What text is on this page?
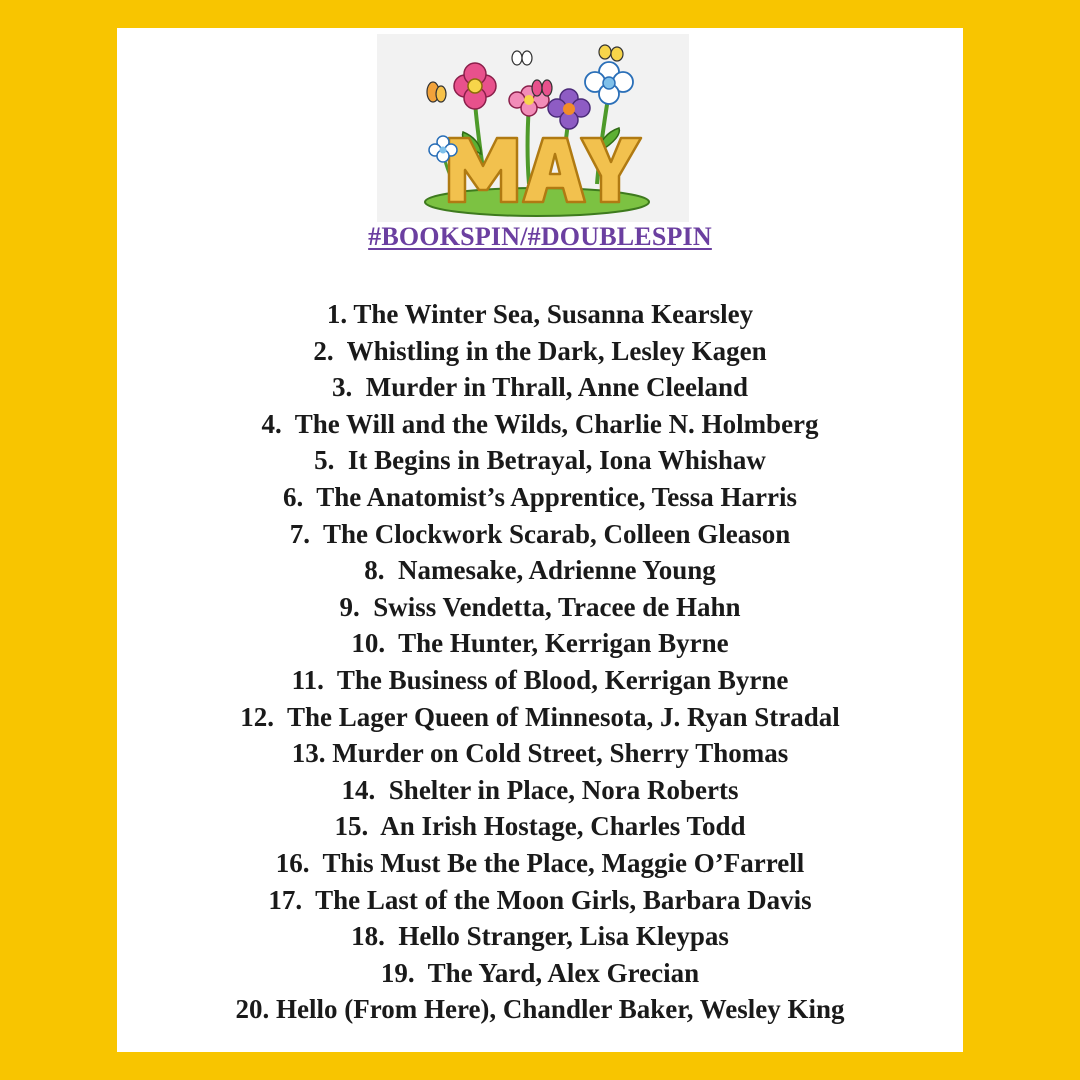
#BOOKSPIN/#DOUBLESPIN
1. The Winter Sea, Susanna Kearsley
2.  Whistling in the Dark, Lesley Kagen
3.  Murder in Thrall, Anne Cleeland
4.  The Will and the Wilds, Charlie N. Holmberg
5.  It Begins in Betrayal, Iona Whishaw
6.  The Anatomist’s Apprentice, Tessa Harris
7.  The Clockwork Scarab, Colleen Gleason
8.  Namesake, Adrienne Young
9.  Swiss Vendetta, Tracee de Hahn
10.  The Hunter, Kerrigan Byrne
11.  The Business of Blood, Kerrigan Byrne
12.  The Lager Queen of Minnesota, J. Ryan Stradal
13. Murder on Cold Street, Sherry Thomas
14.  Shelter in Place, Nora Roberts
15.  An Irish Hostage, Charles Todd
16.  This Must Be the Place, Maggie O’Farrell
17.  The Last of the Moon Girls, Barbara Davis
18.  Hello Stranger, Lisa Kleypas
19.  The Yard, Alex Grecian
20. Hello (From Here), Chandler Baker, Wesley King
